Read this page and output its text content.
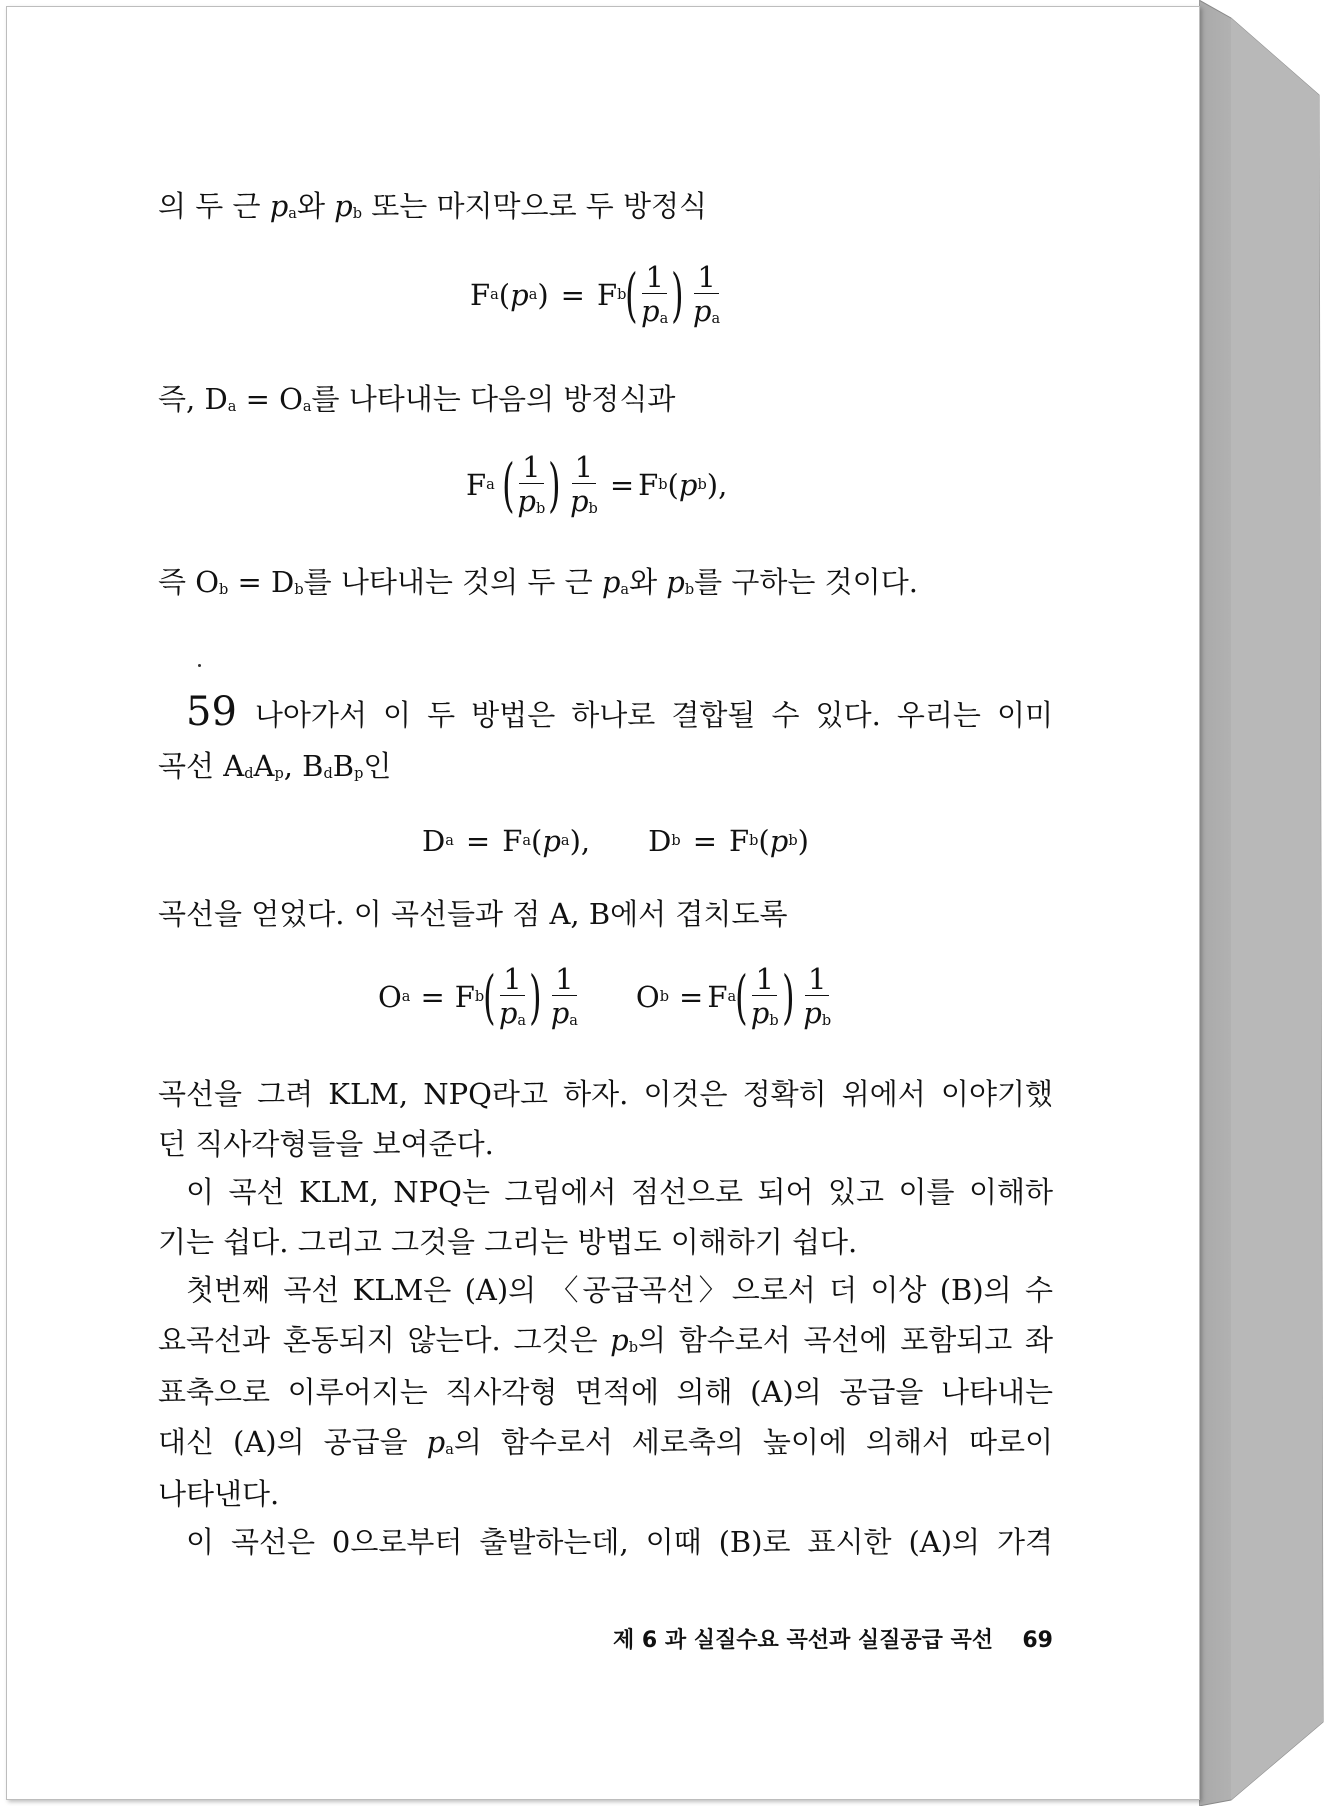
의 두 근 $p_a$와 $p_b$ 또는 마지막으로 두 방정식
F a ( p a ) = F b ( $\frac{1}{p_a}$ ) $\frac{1}{p_a}$
즉, $D_a = O_a$를 나타내는 다음의 방정식과
F a ( $\frac{1}{p_b}$ ) $\frac{1}{p_b} = F$ b ( p b ) ,
즉 $O_b = D_b$를 나타내는 것의 두 근 $p_a$와 $p_b$를 구하는 것이다.
59 나아가서 이 두 방법은 하나로 결합될 수 있다. 우리는 이미
곡선 $A_dA_p$, $B_dB_p$인
D a = F a ( p a ) , D b = F b ( p b )
곡선을 얻었다. 이 곡선들과 점 A, B에서 겹치도록
O a = F b ( $\frac{1}{p_a}$ ) $\frac{1}{p_a}$ O b = F a ( $\frac{1}{p_b}$ ) $\frac{1}{p_b}$
곡선을 그려 KLM, NPQ라고 하자. 이것은 정확히 위에서 이야기했
던 직사각형들을 보여준다.
이 곡선 KLM, NPQ는 그림에서 점선으로 되어 있고 이를 이해하
기는 쉽다. 그리고 그것을 그리는 방법도 이해하기 쉽다.
첫번째 곡선 KLM은 (A)의 〈공급곡선〉으로서 더 이상 (B)의 수
요곡선과 혼동되지 않는다. 그것은 $p_b$의 함수로서 곡선에 포함되고 좌
표축으로 이루어지는 직사각형 면적에 의해 (A)의 공급을 나타내는
대신 (A)의 공급을 $p_a$의 함수로서 세로축의 높이에 의해서 따로이
나타낸다.
이 곡선은 0으로부터 출발하는데, 이때 (B)로 표시한 (A)의 가격
제 6 과 실질수요 곡선과 실질공급 곡선 69
